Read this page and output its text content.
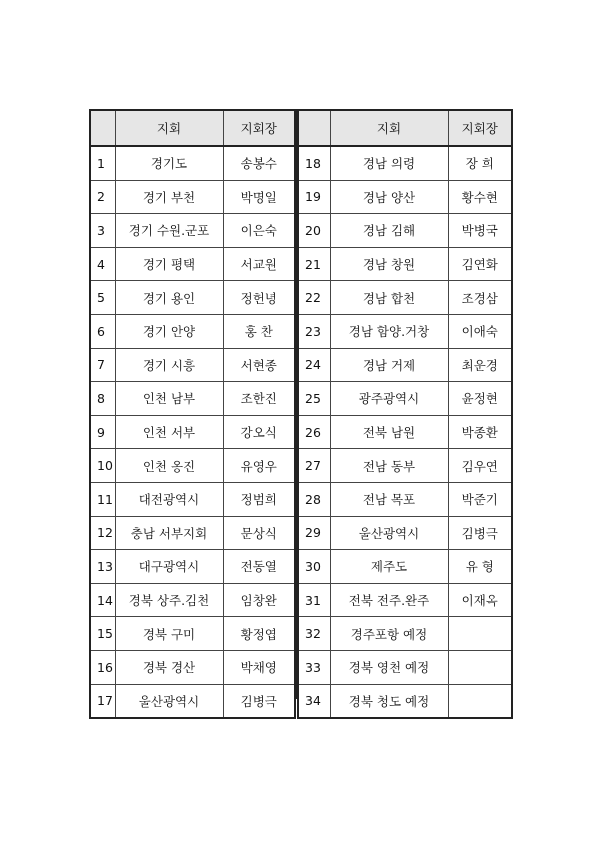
	지회	지회장
1	경기도	송봉수
2	경기 부천	박명일
3	경기 수원.군포	이은숙
4	경기 평택	서교원
5	경기 용인	정헌녕
6	경기 안양	홍 찬
7	경기 시흥	서현종
8	인천 남부	조한진
9	인천 서부	강오식
10	인천 옹진	유영우
11	대전광역시	정범희
12	충남 서부지회	문상식
13	대구광역시	전동열
14	경북 상주.김천	임창완
15	경북 구미	황정엽
16	경북 경산	박채영
17	울산광역시	김병극
	지회	지회장
18	경남 의령	장 희
19	경남 양산	황수현
20	경남 김해	박병국
21	경남 창원	김연화
22	경남 합천	조경삼
23	경남 함양.거창	이애숙
24	경남 거제	최운경
25	광주광역시	윤정현
26	전북 남원	박종환
27	전남 동부	김우연
28	전남 목포	박준기
29	울산광역시	김병극
30	제주도	유 형
31	전북 전주.완주	이재옥
32	경주포항 예정	
33	경북 영천 예정	
34	경북 청도 예정	
